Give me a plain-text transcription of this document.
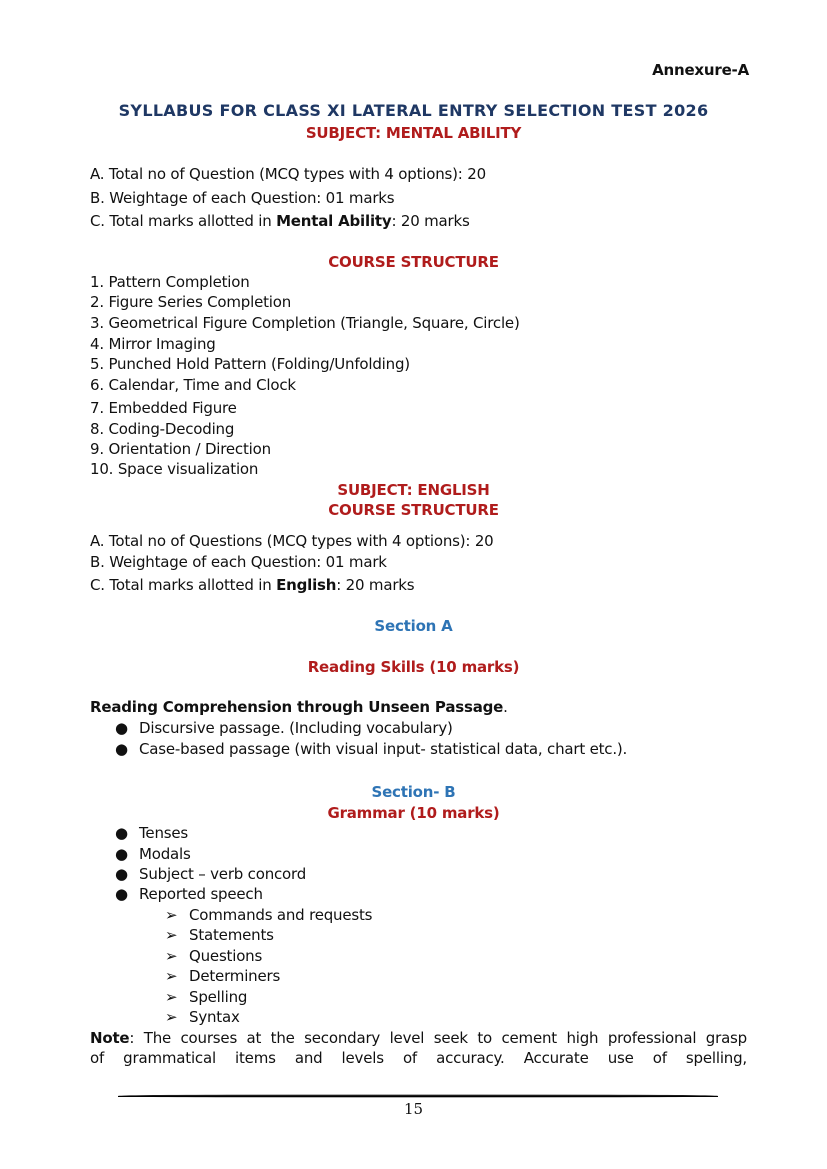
Annexure-A
SYLLABUS FOR CLASS XI LATERAL ENTRY SELECTION TEST 2026
SUBJECT: MENTAL ABILITY
A. Total no of Question (MCQ types with 4 options): 20
B. Weightage of each Question: 01 marks
C. Total marks allotted in Mental Ability: 20 marks
COURSE STRUCTURE
1. Pattern Completion
2. Figure Series Completion
3. Geometrical Figure Completion (Triangle, Square, Circle)
4. Mirror Imaging
5. Punched Hold Pattern (Folding/Unfolding)
6. Calendar, Time and Clock
7. Embedded Figure
8. Coding-Decoding
9. Orientation / Direction
10. Space visualization
SUBJECT: ENGLISH
COURSE STRUCTURE
A. Total no of Questions (MCQ types with 4 options): 20
B. Weightage of each Question: 01 mark
C. Total marks allotted in English: 20 marks
Section A
Reading Skills (10 marks)
Reading Comprehension through Unseen Passage.
● Discursive passage. (Including vocabulary)
● Case-based passage (with visual input- statistical data, chart etc.).
Section- B
Grammar (10 marks)
● Tenses
● Modals
● Subject – verb concord
● Reported speech
➢ Commands and requests
➢ Statements
➢ Questions
➢ Determiners
➢ Spelling
➢ Syntax
Note: The courses at the secondary level seek to cement high professional grasp
of grammatical items and levels of accuracy. Accurate use of spelling,
15
